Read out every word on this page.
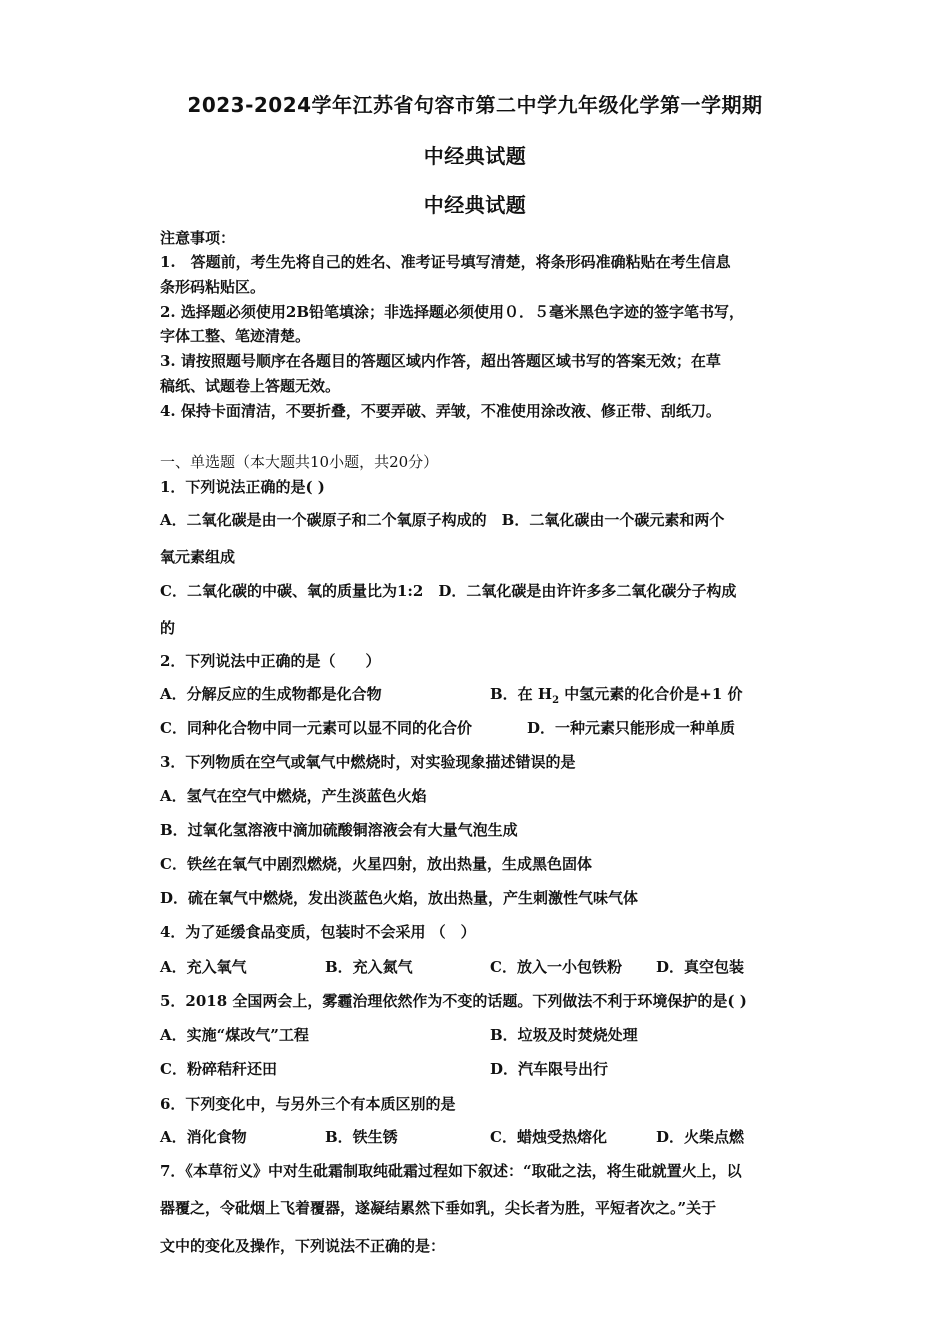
2023-2024学年江苏省句容市第二中学九年级化学第一学期期
中经典试题
中经典试题
注意事项：
1.　答题前，考生先将自己的姓名、准考证号填写清楚，将条形码准确粘贴在考生信息
条形码粘贴区。
2. 选择题必须使用2B铅笔填涂；非选择题必须使用０．５毫米黑色字迹的签字笔书写，
字体工整、笔迹清楚。
3. 请按照题号顺序在各题目的答题区域内作答，超出答题区域书写的答案无效；在草
稿纸、试题卷上答题无效。
4. 保持卡面清洁，不要折叠，不要弄破、弄皱，不准使用涂改液、修正带、刮纸刀。
一、单选题（本大题共10小题，共20分）
1．下列说法正确的是( )
A．二氧化碳是由一个碳原子和二个氧原子构成的　B．二氧化碳由一个碳元素和两个
氧元素组成
C．二氧化碳的中碳、氧的质量比为1:2　D．二氧化碳是由许许多多二氧化碳分子构成
的
2．下列说法中正确的是（　　）
A．分解反应的生成物都是化合物	B．在 $H_2$ 中氢元素的化合价是+1 价
C．同种化合物中同一元素可以显不同的化合价	D．一种元素只能形成一种单质
3．下列物质在空气或氧气中燃烧时，对实验现象描述错误的是
A．氢气在空气中燃烧，产生淡蓝色火焰
B．过氧化氢溶液中滴加硫酸铜溶液会有大量气泡生成
C．铁丝在氧气中剧烈燃烧，火星四射，放出热量，生成黑色固体
D．硫在氧气中燃烧，发出淡蓝色火焰，放出热量，产生刺激性气味气体
4．为了延缓食品变质，包装时不会采用 （　）
A．充入氧气	B．充入氮气	C．放入一小包铁粉 D．真空包装
5．2018 全国两会上，雾霾治理依然作为不变的话题。下列做法不利于环境保护的是( )
A．实施“煤改气”工程	B．垃圾及时焚烧处理
C．粉碎秸秆还田	D．汽车限号出行
6．下列变化中，与另外三个有本质区别的是
A．消化食物	B．铁生锈	C．蜡烛受热熔化	D．火柴点燃
7．《本草衍义》中对生砒霜制取纯砒霜过程如下叙述：“取砒之法，将生砒就置火上，以
器覆之，令砒烟上飞着覆器，遂凝结累然下垂如乳，尖长者为胜，平短者次之。”关于
文中的变化及操作，下列说法不正确的是：
